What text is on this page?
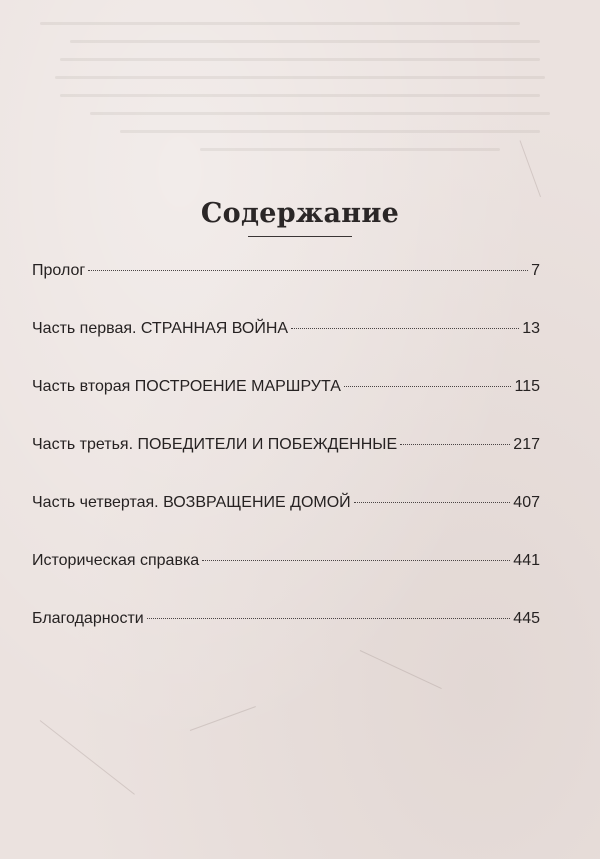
Содержание
Пролог	7
Часть первая. СТРАННАЯ ВОЙНА	13
Часть вторая ПОСТРОЕНИЕ МАРШРУТА	115
Часть третья. ПОБЕДИТЕЛИ И ПОБЕЖДЕННЫЕ	217
Часть четвертая. ВОЗВРАЩЕНИЕ ДОМОЙ	407
Историческая справка	441
Благодарности	445
